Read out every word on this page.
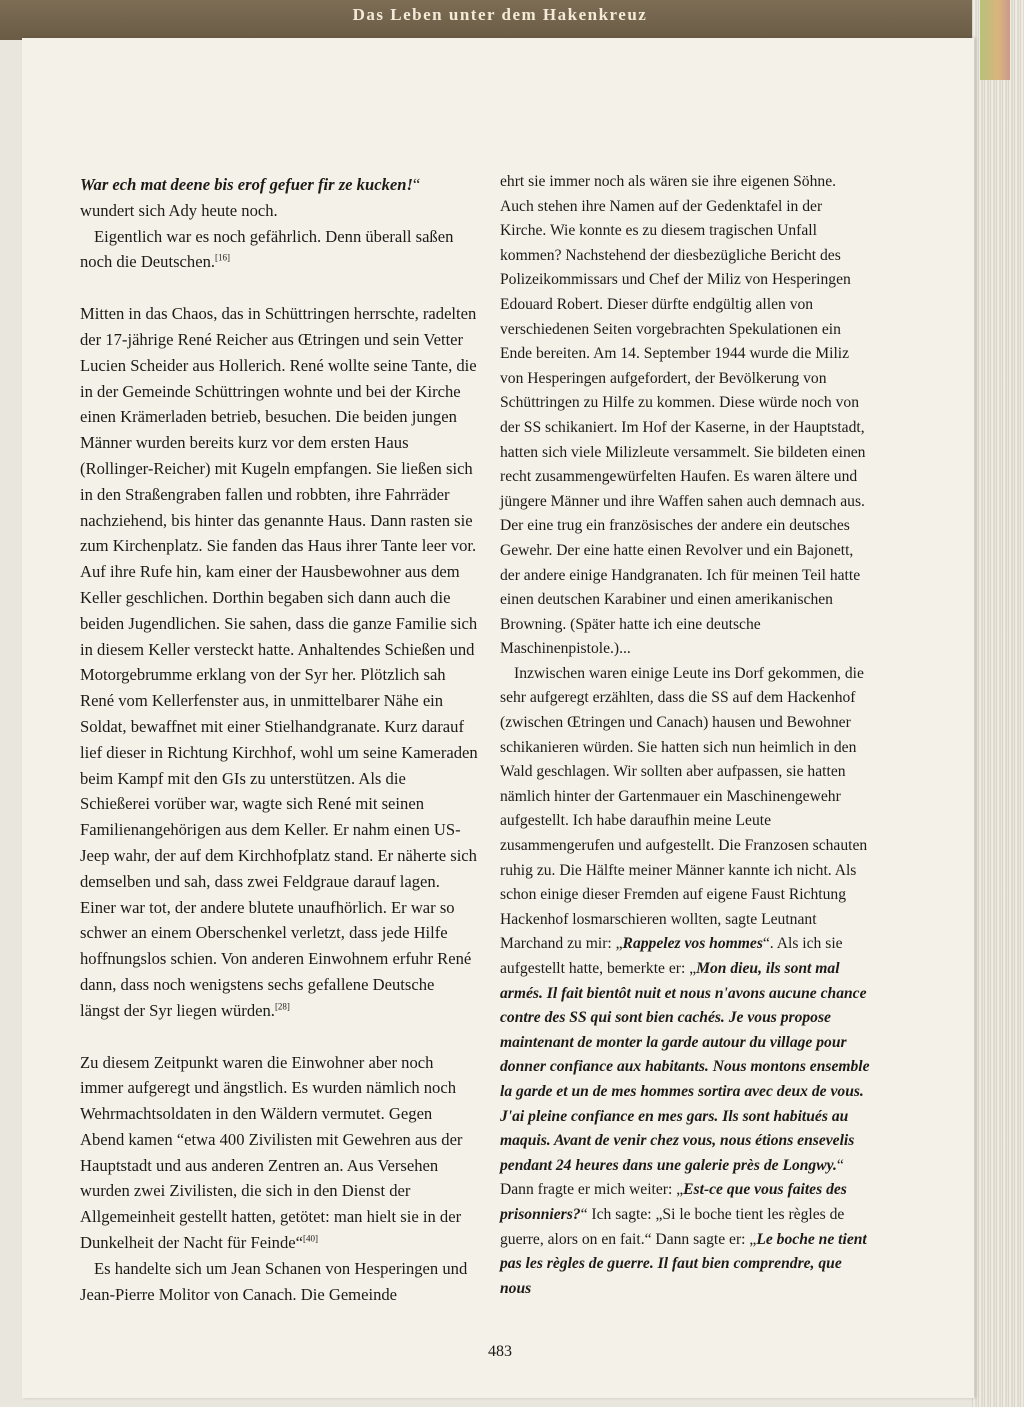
Das Leben unter dem Hakenkreuz

War ech mat deene bis erof gefuer fir ze kucken!“ wundert sich Ady heute noch.

Eigentlich war es noch gefährlich. Denn überall saßen noch die Deutschen.[16]

Mitten in das Chaos, das in Schüttringen herrschte, radelten der 17-jährige René Reicher aus Œtringen und sein Vetter Lucien Scheider aus Hollerich. René wollte seine Tante, die in der Gemeinde Schüttringen wohnte und bei der Kirche einen Krämerladen betrieb, besuchen. Die beiden jungen Männer wurden bereits kurz vor dem ersten Haus (Rollinger-Reicher) mit Kugeln empfangen. Sie ließen sich in den Straßengraben fallen und robbten, ihre Fahrräder nachziehend, bis hinter das genannte Haus. Dann rasten sie zum Kirchenplatz. Sie fanden das Haus ihrer Tante leer vor. Auf ihre Rufe hin, kam einer der Hausbewohner aus dem Keller geschlichen. Dorthin begaben sich dann auch die beiden Jugendlichen. Sie sahen, dass die ganze Familie sich in diesem Keller versteckt hatte. Anhaltendes Schießen und Motorgebrumme erklang von der Syr her. Plötzlich sah René vom Kellerfenster aus, in unmittelbarer Nähe ein Soldat, bewaffnet mit einer Stielhandgranate. Kurz darauf lief dieser in Richtung Kirchhof, wohl um seine Kameraden beim Kampf mit den GIs zu unterstützen. Als die Schießerei vorüber war, wagte sich René mit seinen Familienangehörigen aus dem Keller. Er nahm einen US-Jeep wahr, der auf dem Kirchhofplatz stand. Er näherte sich demselben und sah, dass zwei Feldgraue darauf lagen. Einer war tot, der andere blutete unaufhörlich. Er war so schwer an einem Oberschenkel verletzt, dass jede Hilfe hoffnungslos schien. Von anderen Einwohnem erfuhr René dann, dass noch wenigstens sechs gefallene Deutsche längst der Syr liegen würden.[28]

Zu diesem Zeitpunkt waren die Einwohner aber noch immer aufgeregt und ängstlich. Es wurden nämlich noch Wehrmachtsoldaten in den Wäldern vermutet. Gegen Abend kamen “etwa 400 Zivilisten mit Gewehren aus der Hauptstadt und aus anderen Zentren an. Aus Versehen wurden zwei Zivilisten, die sich in den Dienst der Allgemeinheit gestellt hatten, getötet: man hielt sie in der Dunkelheit der Nacht für Feinde“[40]

Es handelte sich um Jean Schanen von Hesperingen und Jean-Pierre Molitor von Canach. Die Gemeinde

ehrt sie immer noch als wären sie ihre eigenen Söhne. Auch stehen ihre Namen auf der Gedenktafel in der Kirche. Wie konnte es zu diesem tragischen Unfall kommen? Nachstehend der diesbezügliche Bericht des Polizeikommissars und Chef der Miliz von Hesperingen Edouard Robert. Dieser dürfte endgültig allen von verschiedenen Seiten vorgebrachten Spekulationen ein Ende bereiten. Am 14. September 1944 wurde die Miliz von Hesperingen aufgefordert, der Bevölkerung von Schüttringen zu Hilfe zu kommen. Diese würde noch von der SS schikaniert. Im Hof der Kaserne, in der Hauptstadt, hatten sich viele Milizleute versammelt. Sie bildeten einen recht zusammengewürfelten Haufen. Es waren ältere und jüngere Männer und ihre Waffen sahen auch demnach aus. Der eine trug ein französisches der andere ein deutsches Gewehr. Der eine hatte einen Revolver und ein Bajonett, der andere einige Handgranaten. Ich für meinen Teil hatte einen deutschen Karabiner und einen amerikanischen Browning. (Später hatte ich eine deutsche Maschinenpistole.)...

Inzwischen waren einige Leute ins Dorf gekommen, die sehr aufgeregt erzählten, dass die SS auf dem Hackenhof (zwischen Œtringen und Canach) hausen und Bewohner schikanieren würden. Sie hatten sich nun heimlich in den Wald geschlagen. Wir sollten aber aufpassen, sie hatten nämlich hinter der Gartenmauer ein Maschinengewehr aufgestellt. Ich habe daraufhin meine Leute zusammengerufen und aufgestellt. Die Franzosen schauten ruhig zu. Die Hälfte meiner Männer kannte ich nicht. Als schon einige dieser Fremden auf eigene Faust Richtung Hackenhof losmarschieren wollten, sagte Leutnant Marchand zu mir: „Rappelez vos hommes“. Als ich sie aufgestellt hatte, bemerkte er: „Mon dieu, ils sont mal armés. Il fait bientôt nuit et nous n'avons aucune chance contre des SS qui sont bien cachés. Je vous propose maintenant de monter la garde autour du village pour donner confiance aux habitants. Nous montons ensemble la garde et un de mes hommes sortira avec deux de vous. J'ai pleine confiance en mes gars. Ils sont habitués au maquis. Avant de venir chez vous, nous étions ensevelis pendant 24 heures dans une galerie près de Longwy.“ Dann fragte er mich weiter: „Est-ce que vous faites des prisonniers?“ Ich sagte: „Si le boche tient les règles de guerre, alors on en fait.“ Dann sagte er: „Le boche ne tient pas les règles de guerre. Il faut bien comprendre, que nous

483
